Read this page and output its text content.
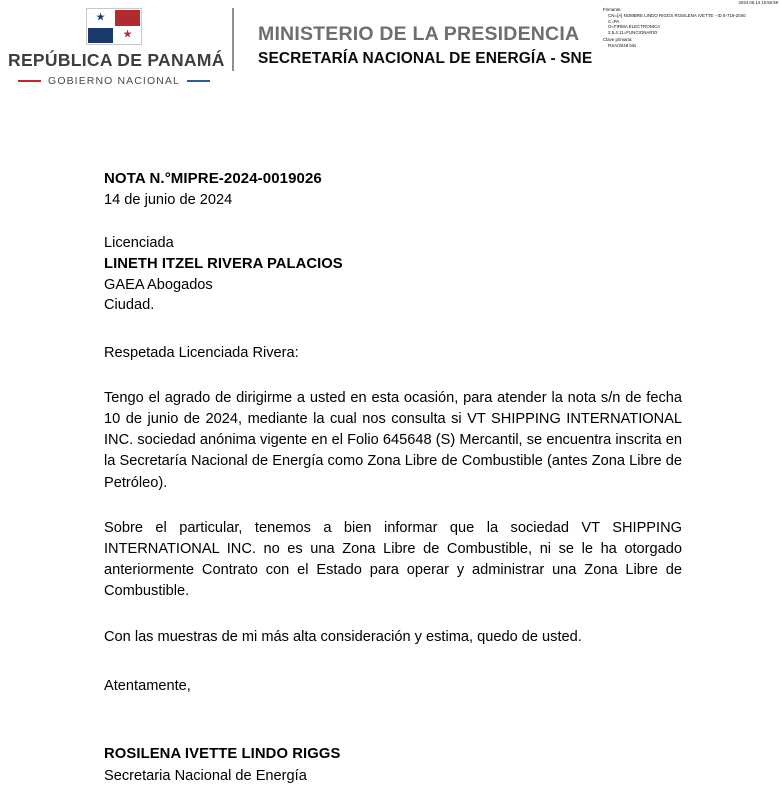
2024.06.14 15:55:59
Firmante:
CN=[A] NOMBRE LINDO RIGGS ROSILENA IVETTE - ID 8-719-2040
C=PA
O=FIRMA ELECTRONICA
2.5.4.11=FUNCIONARIO
Clave primaria:
RSA/2048 bits
★
★
REPÚBLICA DE PANAMÁ
GOBIERNO NACIONAL
MINISTERIO DE LA PRESIDENCIA
SECRETARÍA NACIONAL DE ENERGÍA - SNE
NOTA N.°MIPRE-2024-0019026
14 de junio de 2024
Licenciada
LINETH ITZEL RIVERA PALACIOS
GAEA Abogados
Ciudad.
Respetada Licenciada Rivera:
Tengo el agrado de dirigirme a usted en esta ocasión, para atender la nota s/n de fecha 10 de junio de 2024, mediante la cual nos consulta si VT SHIPPING INTERNATIONAL INC. sociedad anónima vigente en el Folio 645648 (S) Mercantil, se encuentra inscrita en la Secretaría Nacional de Energía como Zona Libre de Combustible (antes Zona Libre de Petróleo).
Sobre el particular, tenemos a bien informar que la sociedad VT SHIPPING INTERNATIONAL INC. no es una Zona Libre de Combustible, ni se le ha otorgado anteriormente Contrato con el Estado para operar y administrar una Zona Libre de Combustible.
Con las muestras de mi más alta consideración y estima, quedo de usted.
Atentamente,
ROSILENA IVETTE LINDO RIGGS
Secretaria Nacional de Energía
